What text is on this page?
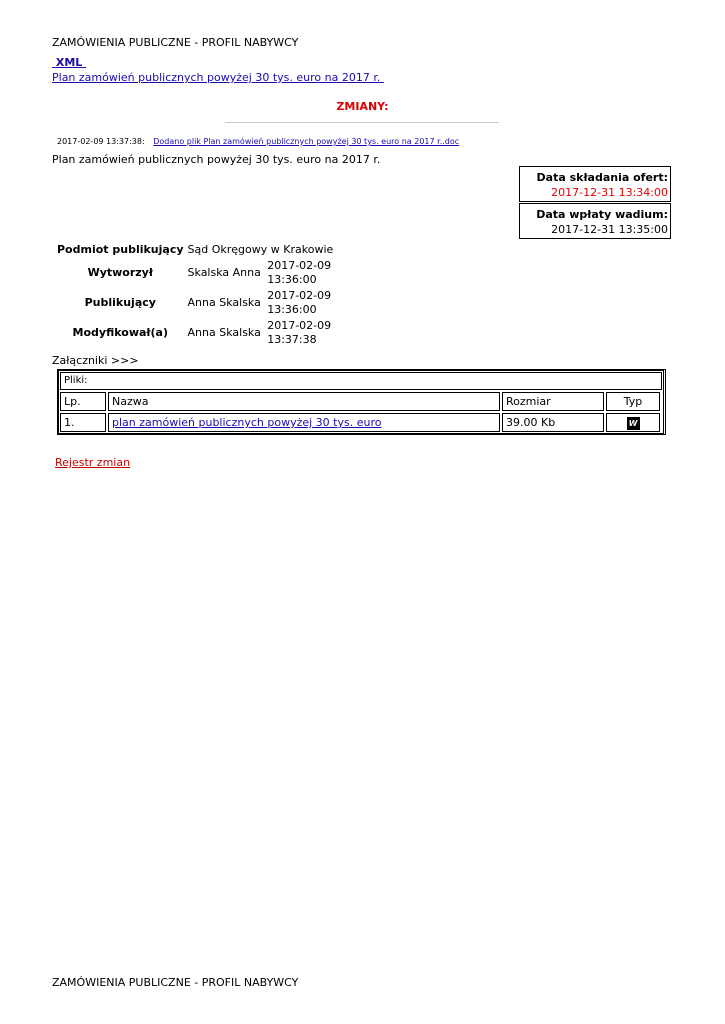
ZAMÓWIENIA PUBLICZNE - PROFIL NABYWCY
XML
Plan zamówień publicznych powyżej 30 tys. euro na 2017 r.
ZMIANY:
2017-02-09 13:37:38: Dodano plik Plan zamówień publicznych powyżej 30 tys. euro na 2017 r..doc
Plan zamówień publicznych powyżej 30 tys. euro na 2017 r.
Data składania ofert:
2017-12-31 13:34:00
Data wpłaty wadium:
2017-12-31 13:35:00
Podmiot publikujący	Sąd Okręgowy w Krakowie	
Wytworzył	Skalska Anna	2017-02-09
13:36:00
Publikujący	Anna Skalska	2017-02-09
13:36:00
Modyfikował(a)	Anna Skalska	2017-02-09
13:37:38
Załączniki >>>
Pliki:
Lp.	Nazwa	Rozmiar	Typ
1.	plan zamówień publicznych powyżej 30 tys. euro	39.00 Kb	W
Rejestr zmian
ZAMÓWIENIA PUBLICZNE - PROFIL NABYWCY
